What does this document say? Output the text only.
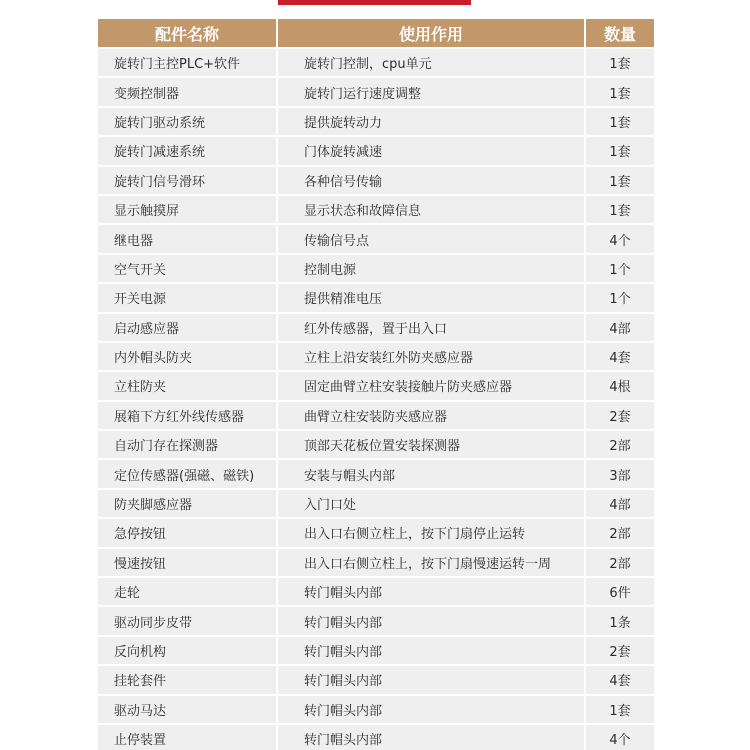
配件名称	使用作用	数量
旋转门主控PLC+软件	旋转门控制，cpu单元	1套
变频控制器	旋转门运行速度调整	1套
旋转门驱动系统	提供旋转动力	1套
旋转门减速系统	门体旋转减速	1套
旋转门信号滑环	各种信号传输	1套
显示触摸屏	显示状态和故障信息	1套
继电器	传输信号点	4个
空气开关	控制电源	1个
开关电源	提供精准电压	1个
启动感应器	红外传感器，置于出入口	4部
内外帽头防夹	立柱上沿安装红外防夹感应器	4套
立柱防夹	固定曲臂立柱安装接触片防夹感应器	4根
展箱下方红外线传感器	曲臂立柱安装防夹感应器	2套
自动门存在探测器	顶部天花板位置安装探测器	2部
定位传感器(强磁、磁铁)	安装与帽头内部	3部
防夹脚感应器	入门口处	4部
急停按钮	出入口右侧立柱上，按下门扇停止运转	2部
慢速按钮	出入口右侧立柱上，按下门扇慢速运转一周	2部
走轮	转门帽头内部	6件
驱动同步皮带	转门帽头内部	1条
反向机构	转门帽头内部	2套
挂轮套件	转门帽头内部	4套
驱动马达	转门帽头内部	1套
止停装置	转门帽头内部	4个
